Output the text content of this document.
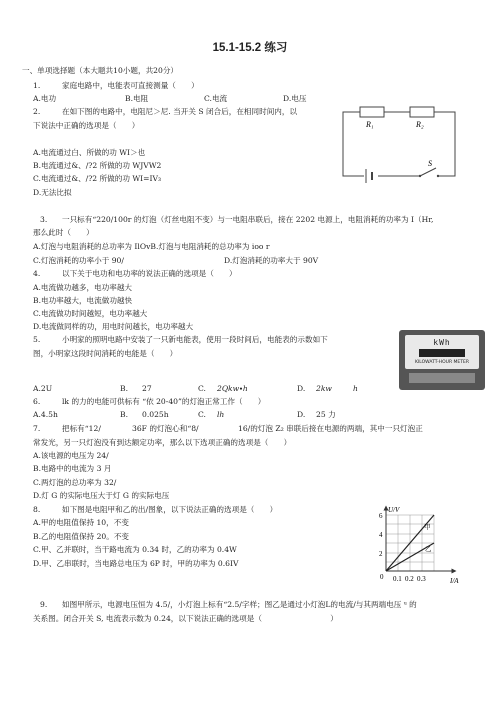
15.1-15.2 练习
一、单项选择题（本大题共10小题，共20分）
1.	家庭电路中，电能表可直接测量（　　）
A.电功	B.电阻	C.电流	D.电压
2.	在如下图的电路中，电阻尼＞尼. 当开关 S 闭合后，在相同时间内，以
下说法中正确的选项是（　　）
A.电流通过白、所做的功 WI＞也
B.电流通过&、/?2 所做的功 WJVW2
C.电流通过&、/?2 所做的功 WI=IV₃
D.无法比拟
R₁	R₂
S
3. 一只标有“220/100r 的灯泡（灯丝电阻不变）与一电阻串联后，接在 2202 电源上，电阻消耗的功率为 I（Hr,
那么此时（　　）
A.灯泡与电阻消耗的总功率为 IlOvB.灯泡与电阻消耗的总功率为 ioo r
C.灯泡消耗的功率小于 90/	D.灯泡消耗的功率大于 90V
4.	以下关于电功和电功率的说法正确的选项是（　　）
A.电流做功越多，电功率越大
B.电功率越大，电流做功越快
C.电流做功时间越短，电功率越大
D.电流做同样的功，用电时间越长，电功率越大
5.	小明家的照明电路中安装了一只新电能表，使用一段时间后，电能表的示数如下
图，小明家这段时间消耗的电能是（　　）
kWh
KILOWATT-HOUR METER
A.2U	B. 27	C. 2Qkw∙h	D. 2kw	h
6.	lk 的力的电能可供标有 “依 20-40”的灯泡正常工作（　　）
A.4.5h	B. 0.025h	C. lh	D. 25 力
7.	把标有“12/	36F 的灯泡心和“8/	16/的灯泡 Z₂ 串联后接在电源的两端，其中一只灯泡正
常发光，另一只灯泡没有到达额定功率，那么以下选项正确的选项是（　　）
A.该电源的电压为 24/
B.电路中的电流为 3 月
C.两灯泡的总功率为 32/
D.灯 G 的实际电压大于灯 G 的实际电压
8.	如下图是电阻甲和乙的出/图象，以下说法正确的选项是（　　）
A.甲的电阻值保持 10，不变
B.乙的电阻值保持 20。不变
C.甲、乙并联时，当干路电流为 0.34 时，乙的功率为 0.4W
D.甲、乙串联时，当电路总电压为 6P 时，甲的功率为 0.6IV
U/V
I/A
6
4
2
0 0.1 0.2 0.3
甲
乙
9. 如图甲所示，电源电压恒为 4.5/，小灯泡上标有“2.5/字样；图乙是通过小灯泡L的电流/与其两端电压 ᵘ 的
关系图。闭合开关 S, 电流表示数为 0.24，以下说法正确的选项是（　　　　　　　　　）
